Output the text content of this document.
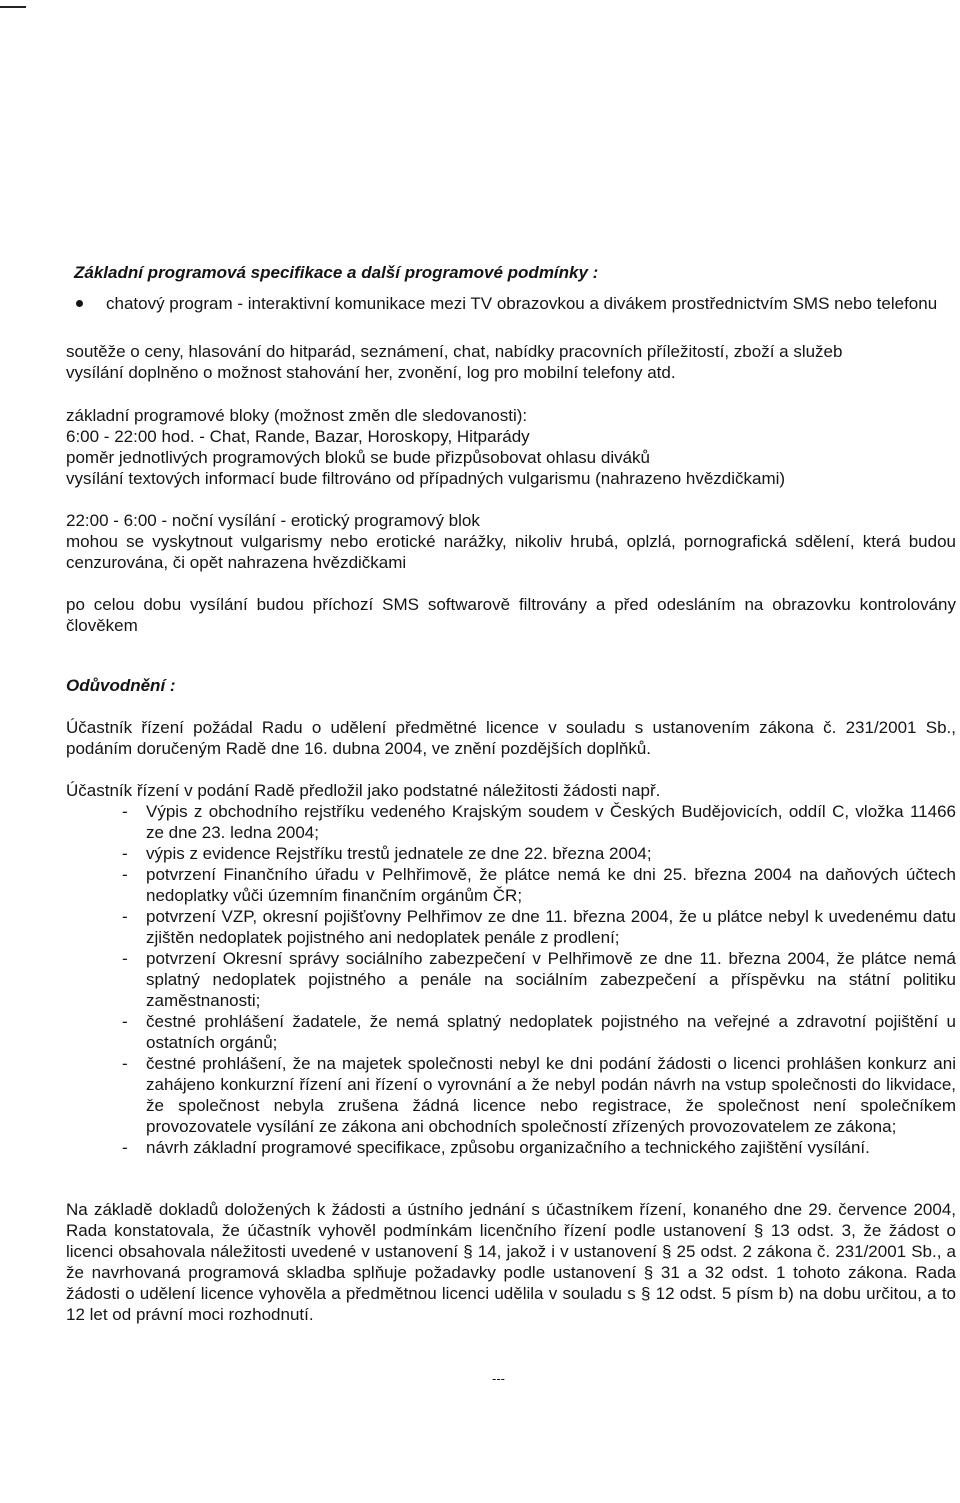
Základní programová specifikace a další programové podmínky :
chatový program - interaktivní komunikace mezi TV obrazovkou a divákem prostřednictvím SMS nebo telefonu
soutěže o ceny, hlasování do hitparád, seznámení, chat, nabídky pracovních příležitostí, zboží a služeb
vysílání doplněno o možnost stahování her, zvonění, log pro mobilní telefony atd.
základní programové bloky (možnost změn dle sledovanosti):
6:00 - 22:00 hod. - Chat, Rande, Bazar, Horoskopy, Hitparády
poměr jednotlivých programových bloků se bude přizpůsobovat ohlasu diváků
vysílání textových informací bude filtrováno od případných vulgarismu (nahrazeno hvězdičkami)
22:00 - 6:00 - noční vysílání - erotický programový blok
mohou se vyskytnout vulgarismy nebo erotické narážky, nikoliv hrubá, oplzlá, pornografická sdělení, která budou cenzurována, či opět nahrazena hvězdičkami
po celou dobu vysílání budou příchozí SMS softwarově filtrovány a před odesláním na obrazovku kontrolovány člověkem
Odůvodnění :
Účastník řízení požádal Radu o udělení předmětné licence v souladu s ustanovením zákona č. 231/2001 Sb., podáním doručeným Radě dne 16. dubna 2004, ve znění pozdějších doplňků.
Účastník řízení v podání Radě předložil jako podstatné náležitosti žádosti např.
- Výpis z obchodního rejstříku vedeného Krajským soudem v Českých Budějovicích, oddíl C, vložka 11466 ze dne 23. ledna 2004;
- výpis z evidence Rejstříku trestů jednatele ze dne 22. března 2004;
- potvrzení Finančního úřadu v Pelhřimově, že plátce nemá ke dni 25. března 2004 na daňových účtech nedoplatky vůči územním finančním orgánům ČR;
- potvrzení VZP, okresní pojišťovny Pelhřimov ze dne 11. března 2004, že u plátce nebyl k uvedenému datu zjištěn nedoplatek pojistného ani nedoplatek penále z prodlení;
- potvrzení Okresní správy sociálního zabezpečení v Pelhřimově ze dne 11. března 2004, že plátce nemá splatný nedoplatek pojistného a penále na sociálním zabezpečení a příspěvku na státní politiku zaměstnanosti;
- čestné prohlášení žadatele, že nemá splatný nedoplatek pojistného na veřejné a zdravotní pojištění u ostatních orgánů;
- čestné prohlášení, že na majetek společnosti nebyl ke dni podání žádosti o licenci prohlášen konkurz ani zahájeno konkurzní řízení ani řízení o vyrovnání a že nebyl podán návrh na vstup společnosti do likvidace, že společnost nebyla zrušena žádná licence nebo registrace, že společnost není společníkem provozovatele vysílání ze zákona ani obchodních společností zřízených provozovatelem ze zákona;
- návrh základní programové specifikace, způsobu organizačního a technického zajištění vysílání.
Na základě dokladů doložených k žádosti a ústního jednání s účastníkem řízení, konaného dne 29. července 2004, Rada konstatovala, že účastník vyhověl podmínkám licenčního řízení podle ustanovení § 13 odst. 3, že žádost o licenci obsahovala náležitosti uvedené v ustanovení § 14, jakož i v ustanovení § 25 odst. 2 zákona č. 231/2001 Sb., a že navrhovaná programová skladba splňuje požadavky podle ustanovení § 31 a 32 odst. 1 tohoto zákona. Rada žádosti o udělení licence vyhověla a předmětnou licenci udělila v souladu s § 12 odst. 5 písm b) na dobu určitou, a to 12 let od právní moci rozhodnutí.
---
